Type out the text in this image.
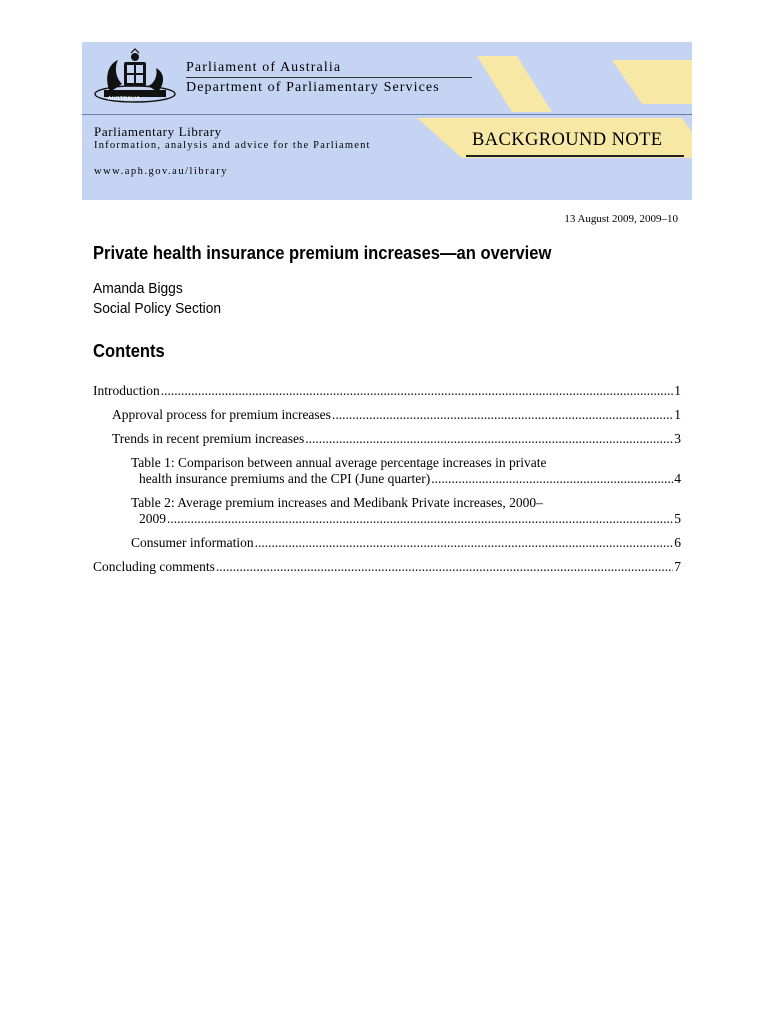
AUSTRALIA
Parliament of Australia
Department of Parliamentary Services
Parliamentary Library
Information, analysis and advice for the Parliament	BACKGROUND NOTE
www.aph.gov.au/library
13 August 2009, 2009–10
Private health insurance premium increases—an overview
Amanda Biggs
Social Policy Section
Contents
Introduction .....	1
Approval process for premium increases .....	1
Trends in recent premium increases .....	3
Table 1: Comparison between annual average percentage increases in private
health insurance premiums and the CPI (June quarter) .....	4
Table 2: Average premium increases and Medibank Private increases, 2000–
2009 .....	5
Consumer information .....	6
Concluding comments .....	7
